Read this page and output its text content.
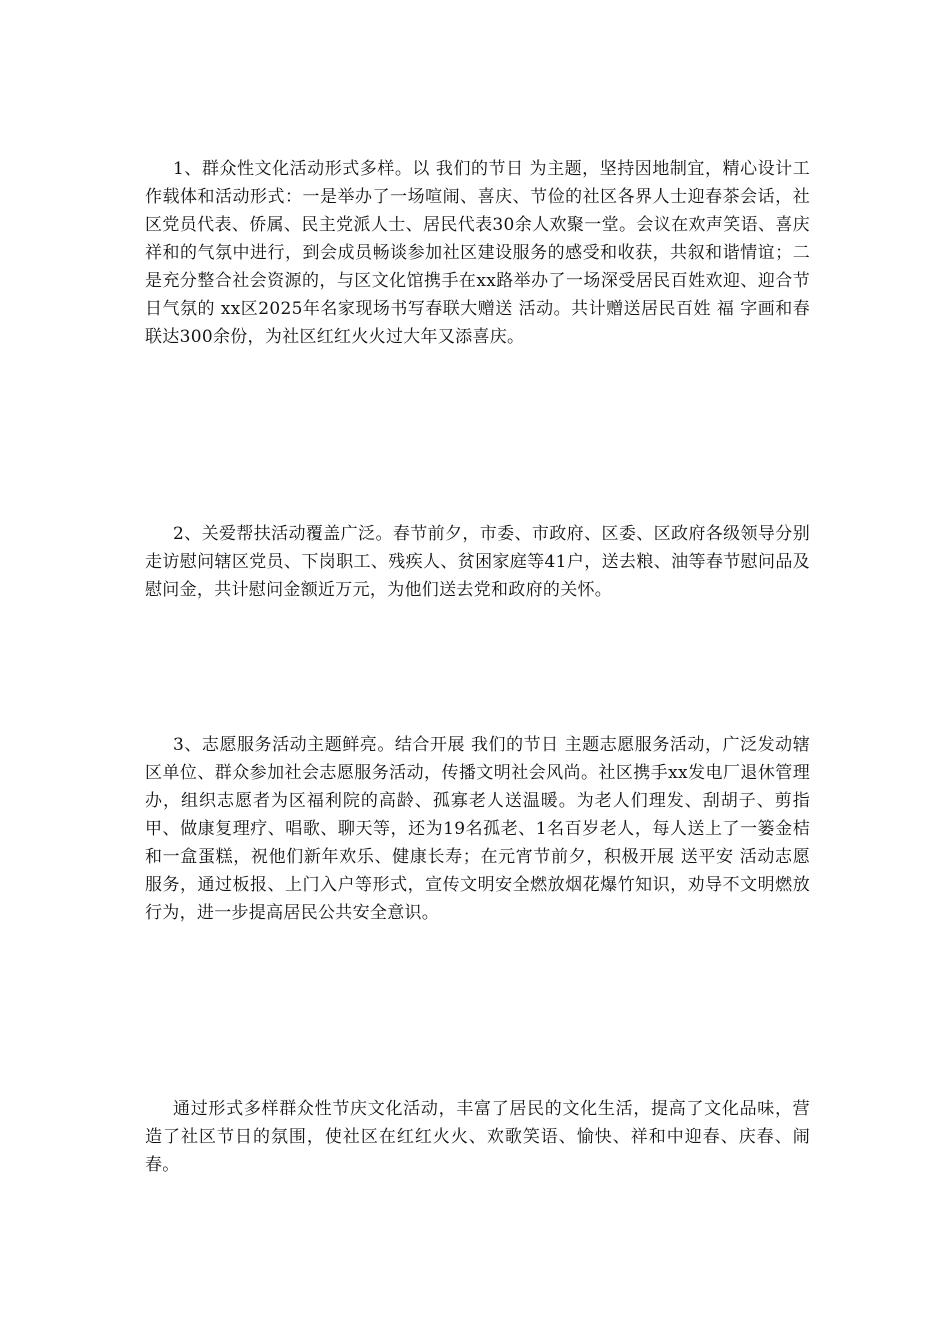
1、群众性文化活动形式多样。以 我们的节日 为主题，坚持因地制宜，精心设计工作载体和活动形式：一是举办了一场喧闹、喜庆、节俭的社区各界人士迎春茶会话，社区党员代表、侨属、民主党派人士、居民代表30余人欢聚一堂。会议在欢声笑语、喜庆祥和的气氛中进行，到会成员畅谈参加社区建设服务的感受和收获，共叙和谐情谊；二是充分整合社会资源的，与区文化馆携手在xx路举办了一场深受居民百姓欢迎、迎合节日气氛的 xx区2025年名家现场书写春联大赠送 活动。共计赠送居民百姓 福 字画和春联达300余份，为社区红红火火过大年又添喜庆。

2、关爱帮扶活动覆盖广泛。春节前夕，市委、市政府、区委、区政府各级领导分别走访慰问辖区党员、下岗职工、残疾人、贫困家庭等41户，送去粮、油等春节慰问品及慰问金，共计慰问金额近万元，为他们送去党和政府的关怀。

3、志愿服务活动主题鲜亮。结合开展 我们的节日 主题志愿服务活动，广泛发动辖区单位、群众参加社会志愿服务活动，传播文明社会风尚。社区携手xx发电厂退休管理办，组织志愿者为区福利院的高龄、孤寡老人送温暖。为老人们理发、刮胡子、剪指甲、做康复理疗、唱歌、聊天等，还为19名孤老、1名百岁老人，每人送上了一篓金桔和一盒蛋糕，祝他们新年欢乐、健康长寿；在元宵节前夕，积极开展 送平安 活动志愿服务，通过板报、上门入户等形式，宣传文明安全燃放烟花爆竹知识，劝导不文明燃放行为，进一步提高居民公共安全意识。

通过形式多样群众性节庆文化活动，丰富了居民的文化生活，提高了文化品味，营造了社区节日的氛围，使社区在红红火火、欢歌笑语、愉快、祥和中迎春、庆春、闹春。
